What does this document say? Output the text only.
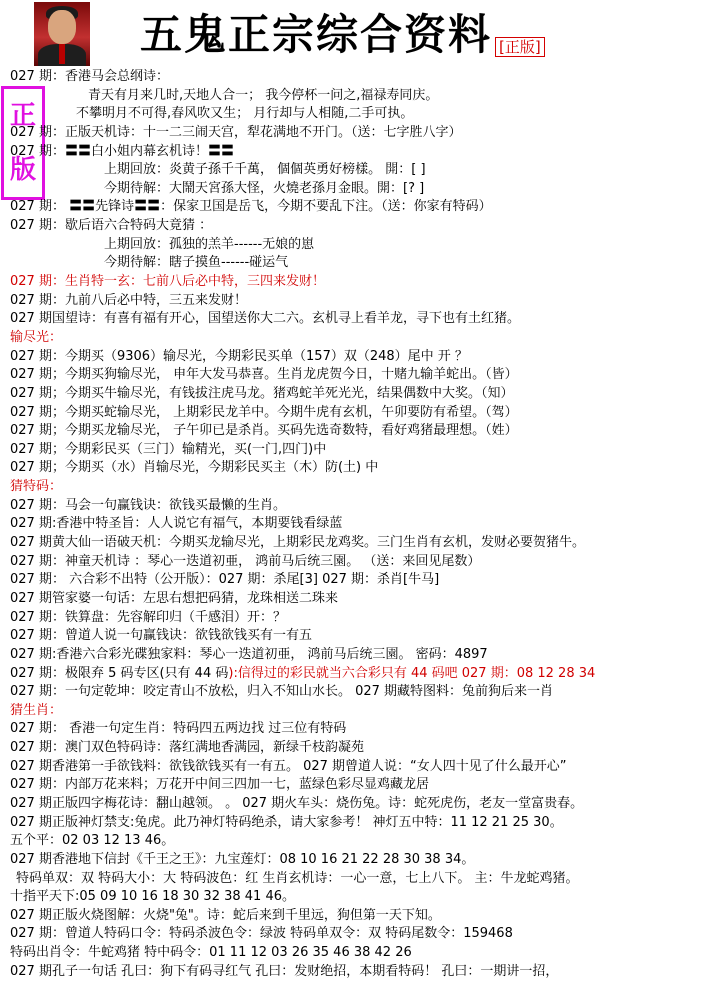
五鬼正宗综合资料 [正版]
正
版
027 期：香港马会总纲诗：
青天有月来几时,天地人合一； 我今停杯一问之,福禄寿同庆。
不攀明月不可得,春风吹又生； 月行却与人相随,二手可执。
027 期：正版天机诗：十一二三闹天宫，犁花满地不开门。（送：七字胜八字）
027 期：〓〓白小姐内幕玄机诗！〓〓
上期回放：炎黄子孫千千萬， 個個英勇好榜樣。 開：[ ]
今期待解：大鬧天宮孫大怪，火燒老孫月金眼。開：[? ]
027 期： 〓〓先锋诗〓〓：保家卫国是岳飞，今期不要乱下注。（送：你家有特码）
027 期：歇后语六合特码大竟猜 ：
上期回放：孤独的羔羊------无娘的崽
今期待解：瞎子摸鱼------碰运气
027 期：生肖特一玄：七前八后必中特，三四来发财！
027 期：九前八后必中特，三五来发财！
027 期国望诗：有喜有福有开心，国望送你大二六。玄机寻上看羊龙，寻下也有土红猪。
输尽光：
027 期：今期买（9306）输尽光，今期彩民买单（157）双（248）尾中 开 ？
027 期；今期买狗输尽光， 申年大发马恭喜。生肖龙虎贺今日，十赌九输羊蛇出。（皆）
027 期；今期买牛输尽光，有钱拔注虎马龙。猪鸡蛇羊死光光，结果偶数中大奖。（知）
027 期；今期买蛇输尽光， 上期彩民龙羊中。今期牛虎有玄机，午卯要防有希望。（驾）
027 期；今期买龙输尽光， 子午卯已是杀肖。买码先选奇数特，看好鸡猪最理想。（姓）
027 期；今期彩民买（三门）输精光，买(一门,四门)中
027 期；今期买（水）肖输尽光，今期彩民买主（木）防(土) 中
猜特码：
027 期：马会一句赢钱诀：欲钱买最懒的生肖。
027 期:香港中特圣旨：人人说它有福气，本期要钱看绿蓝
027 期黄大仙一语破天机：今期买龙输尽光，上期彩民龙鸡奖。三门生肖有玄机，发财必要贺猪牛。
027 期：神童天机诗 ：琴心一迭道初亜， 鸿前马后统三園。 （送：来回见尾数）
027 期： 六合彩不出特（公开版）：027 期：杀尾[3] 027 期：杀肖[牛马]
027 期管家婆一句话：左思右想把码猜，龙珠相送二珠来
027 期：铁算盘：先容解印归（千感泪）开：？
027 期：曾道人说一句赢钱诀：欲钱欲钱买有一有五
027 期:香港六合彩光碟独家料：琴心一迭道初亜， 鸿前马后统三園。 密码：4897
027 期：极限弃 5 码专区(只有 44 码):信得过的彩民就当六合彩只有 44 码吧 027 期：08 12 28 34
027 期：一句定乾坤：咬定青山不放松，归入不知山水长。 027 期藏特图料：兔前狗后来一肖
猜生肖：
027 期： 香港一句定生肖：特码四五两边找 过三位有特码
027 期：澳门双色特码诗：落红满地香满园，新绿千枝韵凝苑
027 期香港第一手欲钱料：欲钱欲钱买有一有五。 027 期曾道人说：“女人四十见了什么最开心”
027 期：内部万花来料；万花开中间三四加一七，蓝绿色彩尽显鸡藏龙居
027 期正版四字梅花诗：翻山越领。 。 027 期火车头：烧伤兔。诗：蛇死虎伤，老友一堂富贵春。
027 期正版神灯禁支:兔虎。此乃神灯特码绝杀，请大家参考！ 神灯五中特：11 12 21 25 30。
五个平：02 03 12 13 46。
027 期香港地下信封《千王之王》：九宝莲灯：08 10 16 21 22 28 30 38 34。
特码单双：双 特码大小：大 特码波色：红 生肖玄机诗：一心一意，七上八下。 主：牛龙蛇鸡猪。
十指平天下:05 09 10 16 18 30 32 38 41 46。
027 期正版火烧图解：火烧"兔"。诗：蛇后来到千里远，狗但第一天下知。
027 期：曾道人特码口令：特码杀波色令：绿波 特码单双令：双 特码尾数令：159468
特码出肖令：牛蛇鸡猪 特中码令：01 11 12 03 26 35 46 38 42 26
027 期孔子一句话 孔曰：狗下有码寻红气 孔曰：发财绝招，本期看特码！ 孔曰：一期讲一招，
